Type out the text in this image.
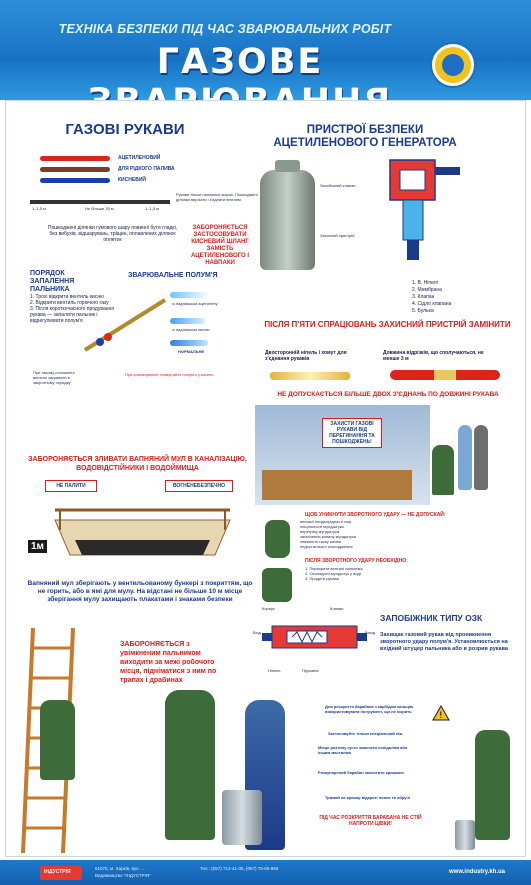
ТЕХНІКА БЕЗПЕКИ ПІД ЧАС ЗВАРЮВАЛЬНИХ РОБІТ
ГАЗОВЕ
ГАЗОВІ РУКАВИ
АЦЕТИЛЕНОВИЙ
ДЛЯ РІДКОГО ПАЛИВА
КИСНЕВИЙ
1–1,5 м	Не більше 30 м	1–1,5 м
Рукави тільки належних марок. Пошкоджені ділянки вирізати і з'єднати ніпелем.
Пошкоджені ділянки гумового шару повинні бути гладкі, без вибухів, відшарувань, тріщин, оплавлених ділянок оплеток
ЗАБОРОНЯЄТЬСЯ ЗАСТОСОВУВАТИ КИСНЕВИЙ ШЛАНГ ЗАМІСТЬ АЦЕТИЛЕНОВОГО І НАВПАКИ
ПРИСТРОЇ БЕЗПЕКИ
АЦЕТИЛЕНОВОГО ГЕНЕРАТОРА
Запобіжний клапан
Захисний пристрій
1. В. Ніпелі
2. Мембрана
3. Клапан
4. Сідло клапана
5. Булька
ПІСЛЯ П'ЯТИ СПРАЦЮВАНЬ ЗАХИСНИЙ ПРИСТРІЙ ЗАМІНИТИ
ПОРЯДОК ЗАПАЛЕННЯ ПАЛЬНИКА
ЗВАРЮВАЛЬНЕ ПОЛУМ'Я
1. Трохі відкрити вентиль кисню
2. Відкрити вентиль горючого газу
3. Після короткочасного продування рукава — запалити пальник і відрегулювати полум'я
із надлишком ацетилену
із надлишком кисню
НОРМАЛЬНЕ
При такому положенні вентилі закривати в зворотному порядку
При спалахуванні, повертайте полум'я у кисень
Двосторонній ніпель і хомут для з'єднання рукавів
Довжина відрізків, що сполучаються, не менше 3 м
НЕ ДОПУСКАЄТЬСЯ БІЛЬШЕ ДВОХ З'ЄДНАНЬ ПО ДОВЖИНІ РУКАВА
ЗАХИСТИ ГАЗОВІ РУКАВИ ВІД ПЕРЕГИНАННЯ ТА ПОШКОДЖЕНЬ!
ЗАБОРОНЯЄТЬСЯ ЗЛИВАТИ ВАПНЯНИЙ МУЛ В КАНАЛІЗАЦІЮ, ВОДОВІДСТІЙНИКИ І ВОДОЙМИЩА
НЕ ПАЛИТИ	ВОГНЕНЕБЕЗПЕЧНО
1м
Вапняний мул зберігають у вентильованому бункері з покриттям, що не горить, або в ямі для мулу. На відстані не більше 10 м місце зберігання мулу захищають плакатами і знаками безпеки
ЩОБ УНИКНУТИ ЗВОРОТНОГО УДАРУ — НЕ ДОПУСКАЙ:
великої неоднорідності газу
нещільності мундштука
перегріву мундштука
засмічення каналу мундштука
зниження тиску кисню
недостатнього охолодження
ПІСЛЯ ЗВОРОТНОГО УДАРУ НЕОБХІДНО:
1. Перекрити вентилі пальника
2. Охолодити мундштук у воді
3. Продути рукави
Корпус	Клапан
Вхід	Вихід
Ніпель	Пружина
ЗАПОБІЖНИК ТИПУ ОЗК
Захищає газовий рукав від проникнення зворотного удару полум'я. Установлюється на вхідний штуцер пальника або в розрив рукава
ЗАБОРОНЯЄТЬСЯ з увімкненим пальником виходити за межі робочого місця, підніматися з ним по трапах і драбинах
Для розкриття барабана з карбідом кальцію використовувати інструмент, що не іскрить
Застосовуйте тільки спеціальний ніж
Місце розтину густо змастити солідолом або іншим мастилом
Розкупорений барабан захистити кришкою
Тримай на кришці відкриті пояси та обручі
ПІД ЧАС РОЗКРИТТЯ БАРАБАНА НЕ СТІЙ НАПРОТИ ЦІВКИ!
!
ІНДУСТРІЯ
61070, м. Харків, вул. ...
Видавництво "ІНДУСТРІЯ"
Тел.: (057) 713-41-35, (057) 75-65-869
www.industry.kh.ua
